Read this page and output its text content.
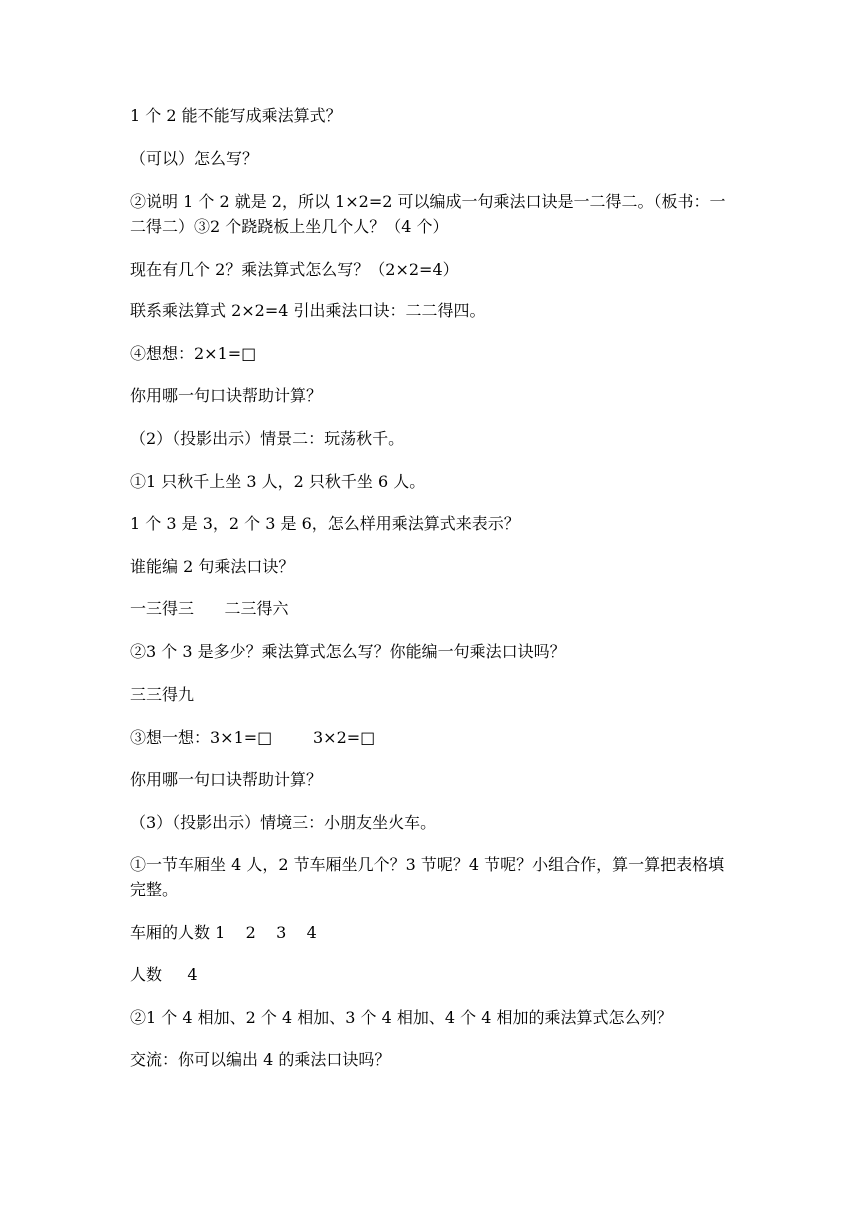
1 个 2 能不能写成乘法算式？
（可以）怎么写？
②说明 1 个 2 就是 2，所以 1×2=2 可以编成一句乘法口诀是一二得二。（板书：一二得二）③2 个跷跷板上坐几个人？（4 个）
现在有几个 2？乘法算式怎么写？（2×2=4）
联系乘法算式 2×2=4 引出乘法口诀：二二得四。
④想想：2×1=□
你用哪一句口诀帮助计算？
（2）（投影出示）情景二：玩荡秋千。
①1 只秋千上坐 3 人，2 只秋千坐 6 人。
1 个 3 是 3，2 个 3 是 6，怎么样用乘法算式来表示？
谁能编 2 句乘法口诀？
一三得三      二三得六
②3 个 3 是多少？乘法算式怎么写？你能编一句乘法口诀吗？
三三得九
③想一想：3×1=□        3×2=□
你用哪一句口诀帮助计算？
（3）（投影出示）情境三：小朋友坐火车。
①一节车厢坐 4 人，2 节车厢坐几个？3 节呢？4 节呢？小组合作，算一算把表格填完整。
车厢的人数 1    2    3    4
人数     4
②1 个 4 相加、2 个 4 相加、3 个 4 相加、4 个 4 相加的乘法算式怎么列？
交流：你可以编出 4 的乘法口诀吗？
